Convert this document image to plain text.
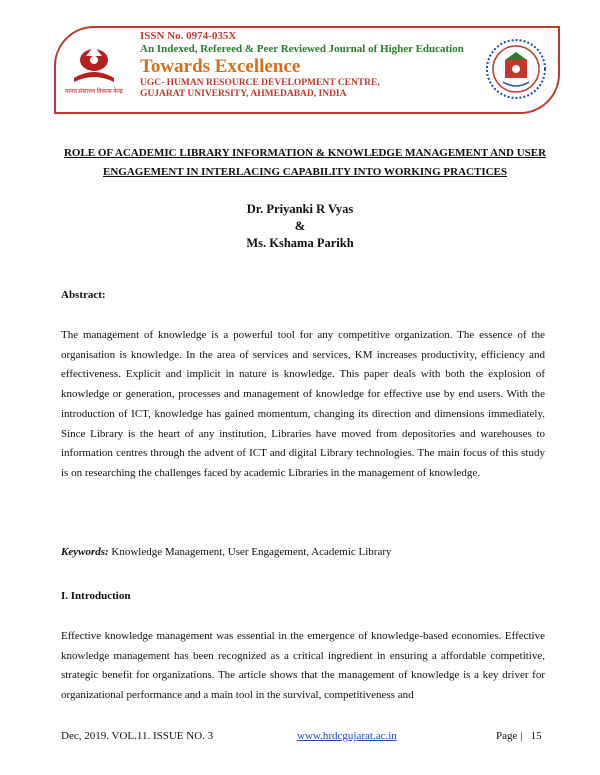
मानव संसाधन विकास केन्द्र
ISSN No. 0974-035X
An Indexed, Refereed & Peer Reviewed Journal of Higher Education
Towards Excellence
UGC- HUMAN RESOURCE DEVELOPMENT CENTRE,
GUJARAT UNIVERSITY, AHMEDABAD, INDIA
ROLE OF ACADEMIC LIBRARY INFORMATION & KNOWLEDGE MANAGEMENT AND USER
ENGAGEMENT IN INTERLACING CAPABILITY INTO WORKING PRACTICES
Dr. Priyanki R Vyas
&
Ms. Kshama Parikh
Abstract:
The management of knowledge is a powerful tool for any competitive organization. The essence of the organisation is knowledge. In the area of services and services, KM increases productivity, efficiency and effectiveness. Explicit and implicit in nature is knowledge. This paper deals with both the explosion of knowledge or generation, processes and management of knowledge for effective use by end users. With the introduction of ICT, knowledge has gained momentum, changing its direction and dimensions immediately. Since Library is the heart of any institution, Libraries have moved from depositories and warehouses to information centres through the advent of ICT and digital Library technologies. The main focus of this study is on researching the challenges faced by academic Libraries in the management of knowledge.
Keywords: Knowledge Management, User Engagement, Academic Library
I. Introduction
Effective knowledge management was essential in the emergence of knowledge-based economies. Effective knowledge management has been recognized as a critical ingredient in ensuring a affordable competitive, strategic benefit for organizations. The article shows that the management of knowledge is a key driver for organizational performance and a main tool in the survival, competitiveness and
Dec, 2019. VOL.11. ISSUE NO. 3	www.hrdcgujarat.ac.in	Page |   15
